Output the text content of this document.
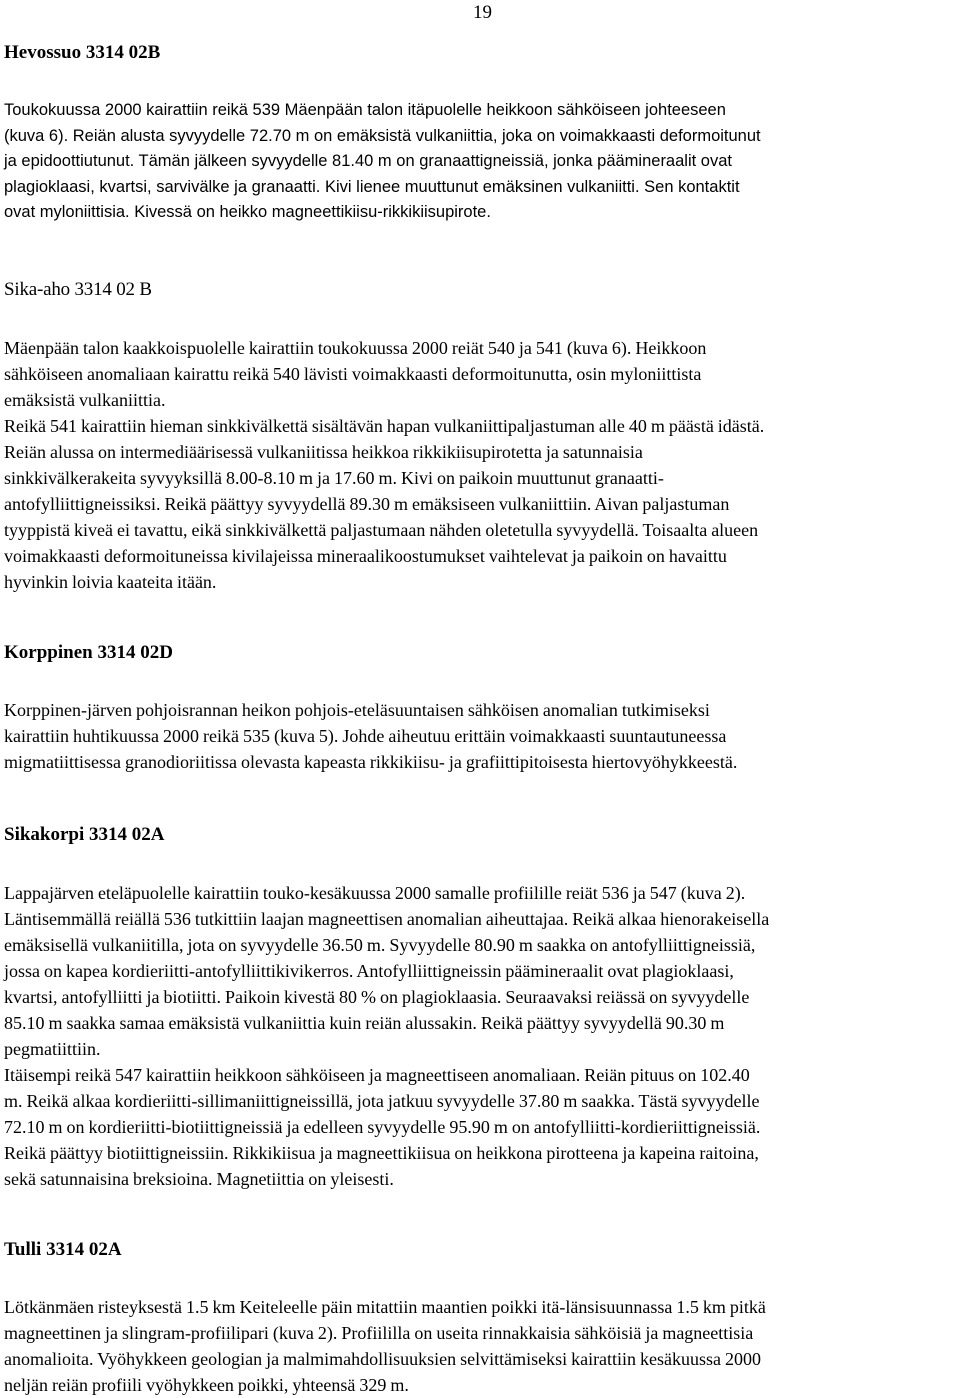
19
Hevossuo 3314 02B
Toukokuussa 2000 kairattiin reikä 539 Mäenpään talon itäpuolelle heikkoon sähköiseen johteeseen
(kuva 6). Reiän alusta syvyydelle 72.70 m on emäksistä vulkaniittia, joka on voimakkaasti deformoitunut
ja epidoottiutunut. Tämän jälkeen syvyydelle 81.40 m on granaattigneissiä, jonka päämineraalit ovat
plagioklaasi, kvartsi, sarvivälke ja granaatti. Kivi lienee muuttunut emäksinen vulkaniitti. Sen kontaktit
ovat myloniittisia. Kivessä on heikko magneettikiisu-rikkikiisupirote.
Sika-aho 3314 02 B
Mäenpään talon kaakkoispuolelle kairattiin toukokuussa 2000 reiät 540 ja 541 (kuva 6). Heikkoon
sähköiseen anomaliaan kairattu reikä 540 lävisti voimakkaasti deformoitunutta, osin myloniittista
emäksistä vulkaniittia.
Reikä 541 kairattiin hieman sinkkivälkettä sisältävän hapan vulkaniittipaljastuman alle 40 m päästä idästä.
Reiän alussa on intermediäärisessä vulkaniitissa heikkoa rikkikiisupirotetta ja satunnaisia
sinkkivälkerakeita syvyyksillä 8.00-8.10 m ja 17.60 m. Kivi on paikoin muuttunut granaatti-
antofylliittigneissiksi. Reikä päättyy syvyydellä 89.30 m emäksiseen vulkaniittiin. Aivan paljastuman
tyyppistä kiveä ei tavattu, eikä sinkkivälkettä paljastumaan nähden oletetulla syvyydellä. Toisaalta alueen
voimakkaasti deformoituneissa kivilajeissa mineraalikoostumukset vaihtelevat ja paikoin on havaittu
hyvinkin loivia kaateita itään.
Korppinen 3314 02D
Korppinen-järven pohjoisrannan heikon pohjois-eteläsuuntaisen sähköisen anomalian tutkimiseksi
kairattiin huhtikuussa 2000 reikä 535 (kuva 5). Johde aiheutuu erittäin voimakkaasti suuntautuneessa
migmatiittisessa granodioriitissa olevasta kapeasta rikkikiisu- ja grafiittipitoisesta hiertovyöhykkeestä.
Sikakorpi 3314 02A
Lappajärven eteläpuolelle kairattiin touko-kesäkuussa 2000 samalle profiilille reiät 536 ja 547 (kuva 2).
Läntisemmällä reiällä 536 tutkittiin laajan magneettisen anomalian aiheuttajaa. Reikä alkaa hienorakeisella
emäksisellä vulkaniitilla, jota on syvyydelle 36.50 m. Syvyydelle 80.90 m saakka on antofylliittigneissiä,
jossa on kapea kordieriitti-antofylliittikivikerros. Antofylliittigneissin päämineraalit ovat plagioklaasi,
kvartsi, antofylliitti ja biotiitti. Paikoin kivestä 80 % on plagioklaasia. Seuraavaksi reiässä on syvyydelle
85.10 m saakka samaa emäksistä vulkaniittia kuin reiän alussakin. Reikä päättyy syvyydellä 90.30 m
pegmatiittiin.
Itäisempi reikä 547 kairattiin heikkoon sähköiseen ja magneettiseen anomaliaan. Reiän pituus on 102.40
m. Reikä alkaa kordieriitti-sillimaniittigneissillä, jota jatkuu syvyydelle 37.80 m saakka. Tästä syvyydelle
72.10 m on kordieriitti-biotiittigneissiä ja edelleen syvyydelle 95.90 m on antofylliitti-kordieriittigneissiä.
Reikä päättyy biotiittigneissiin. Rikkikiisua ja magneettikiisua on heikkona pirotteena ja kapeina raitoina,
sekä satunnaisina breksioina. Magnetiittia on yleisesti.
Tulli 3314 02A
Lötkänmäen risteyksestä 1.5 km Keiteleelle päin mitattiin maantien poikki itä-länsisuunnassa 1.5 km pitkä
magneettinen ja slingram-profiilipari (kuva 2). Profiililla on useita rinnakkaisia sähköisiä ja magneettisia
anomalioita. Vyöhykkeen geologian ja malmimahdollisuuksien selvittämiseksi kairattiin kesäkuussa 2000
neljän reiän profiili vyöhykkeen poikki, yhteensä 329 m.
